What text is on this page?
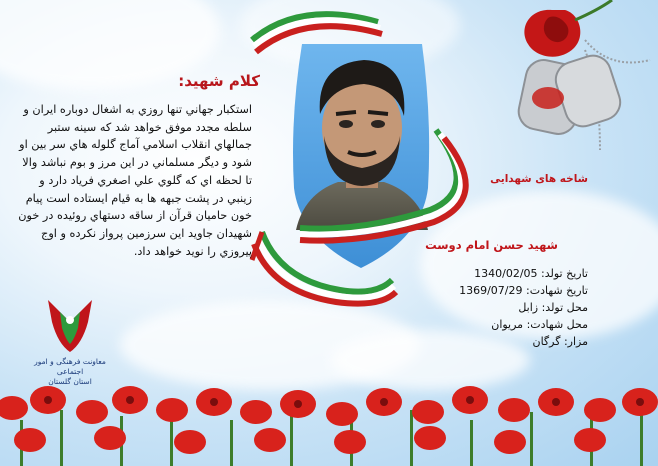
کلام شهید:
استکبار جهاني تنها روزي به اشغال دوباره ايران و سلطه مجدد موفق خواهد شد که سينه ستبر جمالهاي انقلاب اسلامي آماج گلوله هاي سر بين او شود و ديگر مسلماني در اين مرز و بوم نباشد والا تا لحظه اي که گلوي علي اصغري فرياد دارد و زينبي در پشت جبهه ها به قيام ايستاده است پيام خون حاميان قرآن از ساقه دستهاي روئيده در خون شهيدان جاويد اين سرزمين پرواز نکرده و اوج پيروزي را نويد خواهد داد.
شاخه های شهدایی
شهید حسن امام دوست
تاریخ تولد: 1340/02/05
تاریخ شهادت: 1369/07/29
محل تولد: زابل
محل شهادت: مریوان
مزار: گرگان
معاونت فرهنگی و امور اجتماعی
استان گلستان
